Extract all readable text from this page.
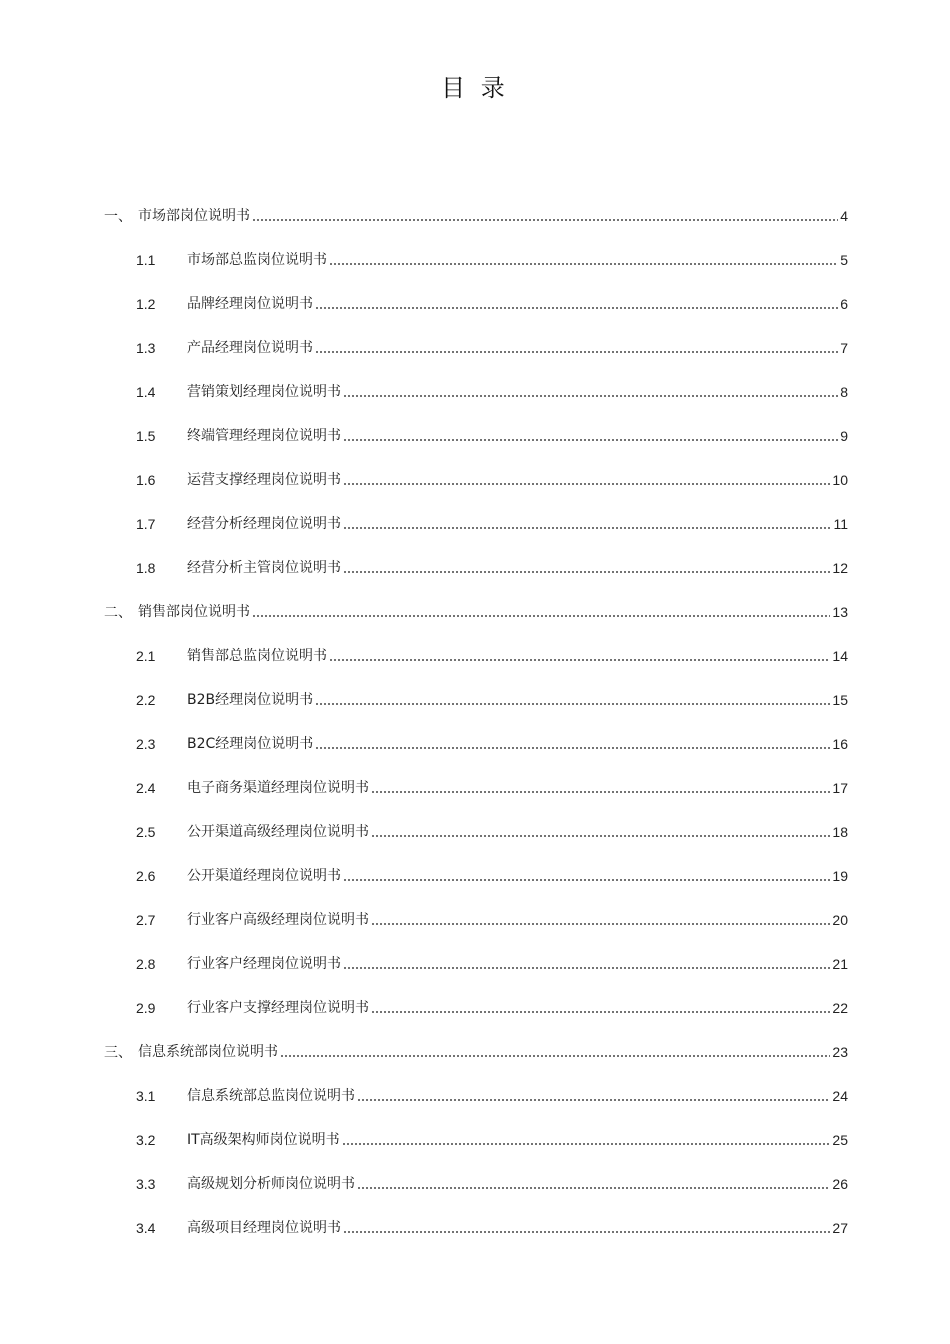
目 录
一、 市场部岗位说明书	4
1.1	市场部总监岗位说明书	5
1.2	品牌经理岗位说明书	6
1.3	产品经理岗位说明书	7
1.4	营销策划经理岗位说明书	8
1.5	终端管理经理岗位说明书	9
1.6	运营支撑经理岗位说明书	10
1.7	经营分析经理岗位说明书	11
1.8	经营分析主管岗位说明书	12
二、 销售部岗位说明书	13
2.1	销售部总监岗位说明书	14
2.2	B2B经理岗位说明书	15
2.3	B2C经理岗位说明书	16
2.4	电子商务渠道经理岗位说明书	17
2.5	公开渠道高级经理岗位说明书	18
2.6	公开渠道经理岗位说明书	19
2.7	行业客户高级经理岗位说明书	20
2.8	行业客户经理岗位说明书	21
2.9	行业客户支撑经理岗位说明书	22
三、 信息系统部岗位说明书	23
3.1	信息系统部总监岗位说明书	24
3.2	IT高级架构师岗位说明书	25
3.3	高级规划分析师岗位说明书	26
3.4	高级项目经理岗位说明书	27
